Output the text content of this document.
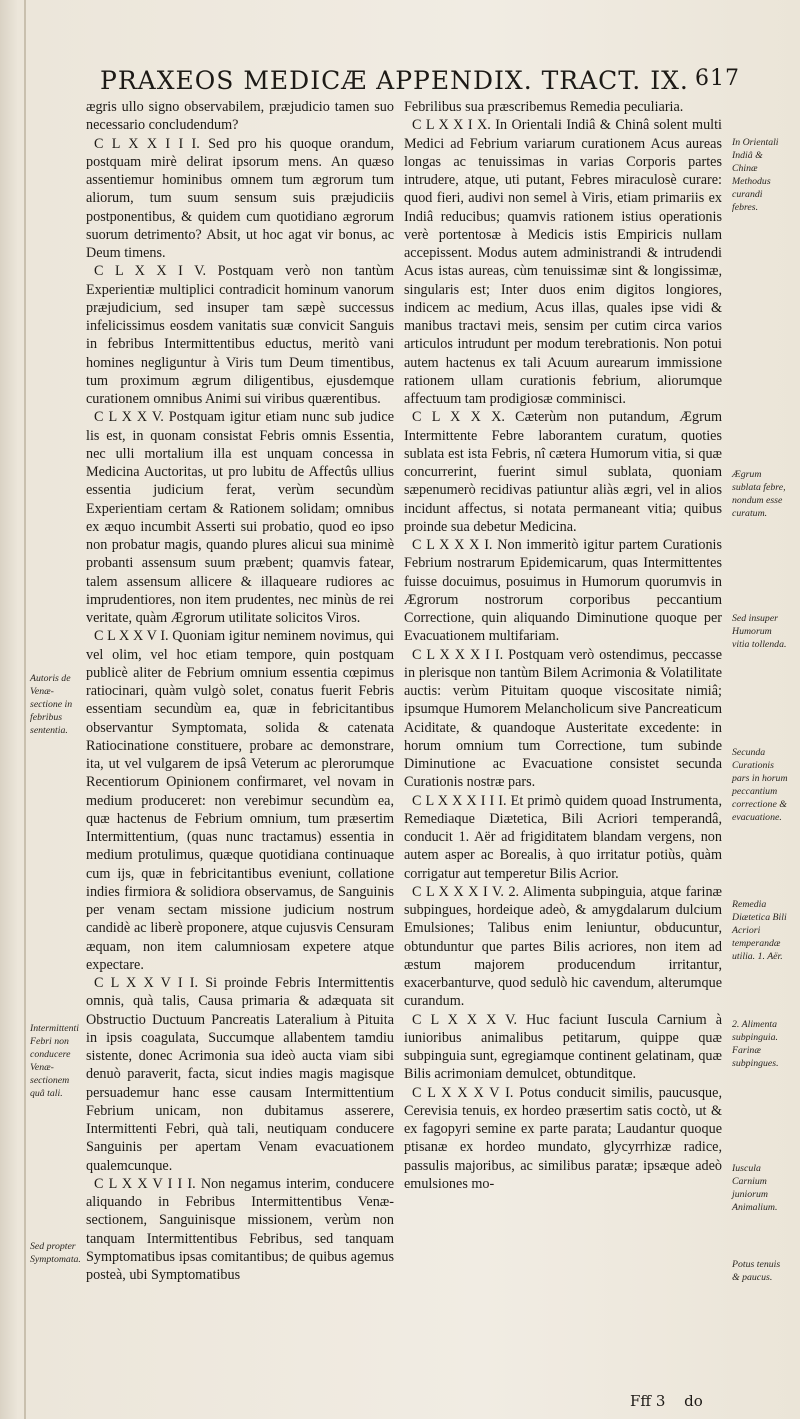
PRAXEOS MEDICÆ APPENDIX. TRACT. IX. 617

ægris ullo signo observabilem, præjudicio tamen suo necessario concludendum?

C L X X I I I. Sed pro his quoque orandum, postquam mirè delirat ipsorum mens. An quæso assentiemur hominibus omnem tum ægrorum tum aliorum, tum suum sensum suis præjudiciis postponentibus, & quidem cum quotidiano ægrorum suorum detrimento? Absit, ut hoc agat vir bonus, ac Deum timens.

C L X X I V. Postquam verò non tantùm Experientiæ multiplici contradicit hominum vanorum præjudicium, sed insuper tam sæpè successus infelicissimus eosdem vanitatis suæ convicit Sanguis in febribus Intermittentibus eductus, meritò vani homines negliguntur à Viris tum Deum timentibus, tum proximum ægrum diligentibus, ejusdemque curationem omnibus Animi sui viribus quærentibus.

C L X X V. Postquam igitur etiam nunc sub judice lis est, in quonam consistat Febris omnis Essentia, nec ulli mortalium illa est unquam concessa in Medicina Auctoritas, ut pro lubitu de Affectûs ullius essentia judicium ferat, verùm secundùm Experientiam certam & Rationem solidam; omnibus ex æquo incumbit Asserti sui probatio, quod eo ipso non probatur magis, quando plures alicui sua minimè probanti assensum suum præbent; quamvis fatear, talem assensum allicere & illaqueare rudiores ac imprudentiores, non item prudentes, nec minùs de rei veritate, quàm Ægrorum utilitate solicitos Viros.

C L X X V I. Quoniam igitur neminem novimus, qui vel olim, vel hoc etiam tempore, quin postquam publicè aliter de Febrium omnium essentia cœpimus ratiocinari, quàm vulgò solet, conatus fuerit Febris essentiam secundùm ea, quæ in febricitantibus observantur Symptomata, solida & catenata Ratiocinatione constituere, probare ac demonstrare, ita, ut vel vulgarem de ipsâ Veterum ac plerorumque Recentiorum Opinionem confirmaret, vel novam in medium produceret: non verebimur secundùm ea, quæ hactenus de Febrium omnium, tum præsertim Intermittentium, (quas nunc tractamus) essentia in medium protulimus, quæque quotidiana continuaque cum ijs, quæ in febricitantibus eveniunt, collatione indies firmiora & solidiora observamus, de Sanguinis per venam sectam missione judicium nostrum candidè ac liberè proponere, atque cujusvis Censuram æquam, non item calumniosam expetere atque expectare.

C L X X V I I. Si proinde Febris Intermittentis omnis, quà talis, Causa primaria & adæquata sit Obstructio Ductuum Pancreatis Lateralium à Pituita in ipsis coagulata, Succumque allabentem tamdiu sistente, donec Acrimonia sua ideò aucta viam sibi denuò paraverit, facta, sicut indies magis magisque persuademur hanc esse causam Intermittentium Febrium unicam, non dubitamus asserere, Intermittenti Febri, quà tali, neutiquam conducere Sanguinis per apertam Venam evacuationem qualemcunque.

C L X X V I I I. Non negamus interim, conducere aliquando in Febribus Intermittentibus Venæ-sectionem, Sanguinisque missionem, verùm non tanquam Intermittentibus Febribus, sed tanquam Symptomatibus ipsas comitantibus; de quibus agemus posteà, ubi Symptomatibus

Febrilibus sua præscribemus Remedia peculiaria.

C L X X I X. In Orientali Indiâ & Chinâ solent multi Medici ad Febrium variarum curationem Acus aureas longas ac tenuissimas in varias Corporis partes intrudere, atque, uti putant, Febres miraculosè curare: quod fieri, audivi non semel à Viris, etiam primariis ex Indiâ reducibus; quamvis rationem istius operationis verè portentosæ à Medicis istis Empiricis nullam accepissent. Modus autem administrandi & intrudendi Acus istas aureas, cùm tenuissimæ sint & longissimæ, singularis est; Inter duos enim digitos longiores, indicem ac medium, Acus illas, quales ipse vidi & manibus tractavi meis, sensim per cutim circa varios articulos intrudunt per modum terebrationis. Non potui autem hactenus ex tali Acuum aurearum immissione rationem ullam curationis febrium, aliorumque affectuum tam prodigiosæ comminisci.

C L X X X. Cæterùm non putandum, Ægrum Intermittente Febre laborantem curatum, quoties sublata est ista Febris, nî cætera Humorum vitia, si quæ concurrerint, fuerint simul sublata, quoniam sæpenumerò recidivas patiuntur aliàs ægri, vel in alios incidunt affectus, si notata permaneant vitia; quibus proinde sua debetur Medicina.

C L X X X I. Non immeritò igitur partem Curationis Febrium nostrarum Epidemicarum, quas Intermittentes fuisse docuimus, posuimus in Humorum quorumvis in Ægrorum nostrorum corporibus peccantium Correctione, quin aliquando Diminutione quoque per Evacuationem multifariam.

C L X X X I I. Postquam verò ostendimus, peccasse in plerisque non tantùm Bilem Acrimonia & Volatilitate auctis: verùm Pituitam quoque viscositate nimiâ; ipsumque Humorem Melancholicum sive Pancreaticum Aciditate, & quandoque Austeritate excedente: in horum omnium tum Correctione, tum subinde Diminutione ac Evacuatione consistet secunda Curationis nostræ pars.

C L X X X I I I. Et primò quidem quoad Instrumenta, Remediaque Diætetica, Bili Acriori temperandâ, conducit 1. Aër ad frigiditatem blandam vergens, non autem asper ac Borealis, à quo irritatur potiùs, quàm corrigatur aut temperetur Bilis Acrior.

C L X X X I V. 2. Alimenta subpinguia, atque farinæ subpingues, hordeique adeò, & amygdalarum dulcium Emulsiones; Talibus enim leniuntur, obducuntur, obtunduntur que partes Bilis acriores, non item ad æstum majorem producendum irritantur, exacerbanturve, quod sedulò hic cavendum, alterumque curandum.

C L X X X V. Huc faciunt Iuscula Carnium à iunioribus animalibus petitarum, quippe quæ subpinguia sunt, egregiamque continent gelatinam, quæ Bilis acrimoniam demulcet, obtunditque.

C L X X X V I. Potus conducit similis, paucusque, Cerevisia tenuis, ex hordeo præsertim satis coctò, ut & ex fagopyri semine ex parte parata; Laudantur quoque ptisanæ ex hordeo mundato, glycyrrhizæ radice, passulis majoribus, ac similibus paratæ; ipsæque adeò emulsiones mo-

Autoris de Venæ-sectione in febribus sententia.
Intermittenti Febri non conducere Venæ-sectionem quâ tali.
Sed propter Symptomata.
In Orientali Indiâ & Chinæ Methodus curandi febres.
Ægrum sublata febre, nondum esse curatum.
Sed insuper Humorum vitia tollenda.
Secunda Curationis pars in horum peccantium correctione & evacuatione.
Remedia Diætetica Bili Acriori temperandæ utilia. 1. Aër.
2. Alimenta subpinguia. Farinæ subpingues.
Iuscula Carnium juniorum Animalium.
Potus tenuis & paucus.
Fff 3 do
